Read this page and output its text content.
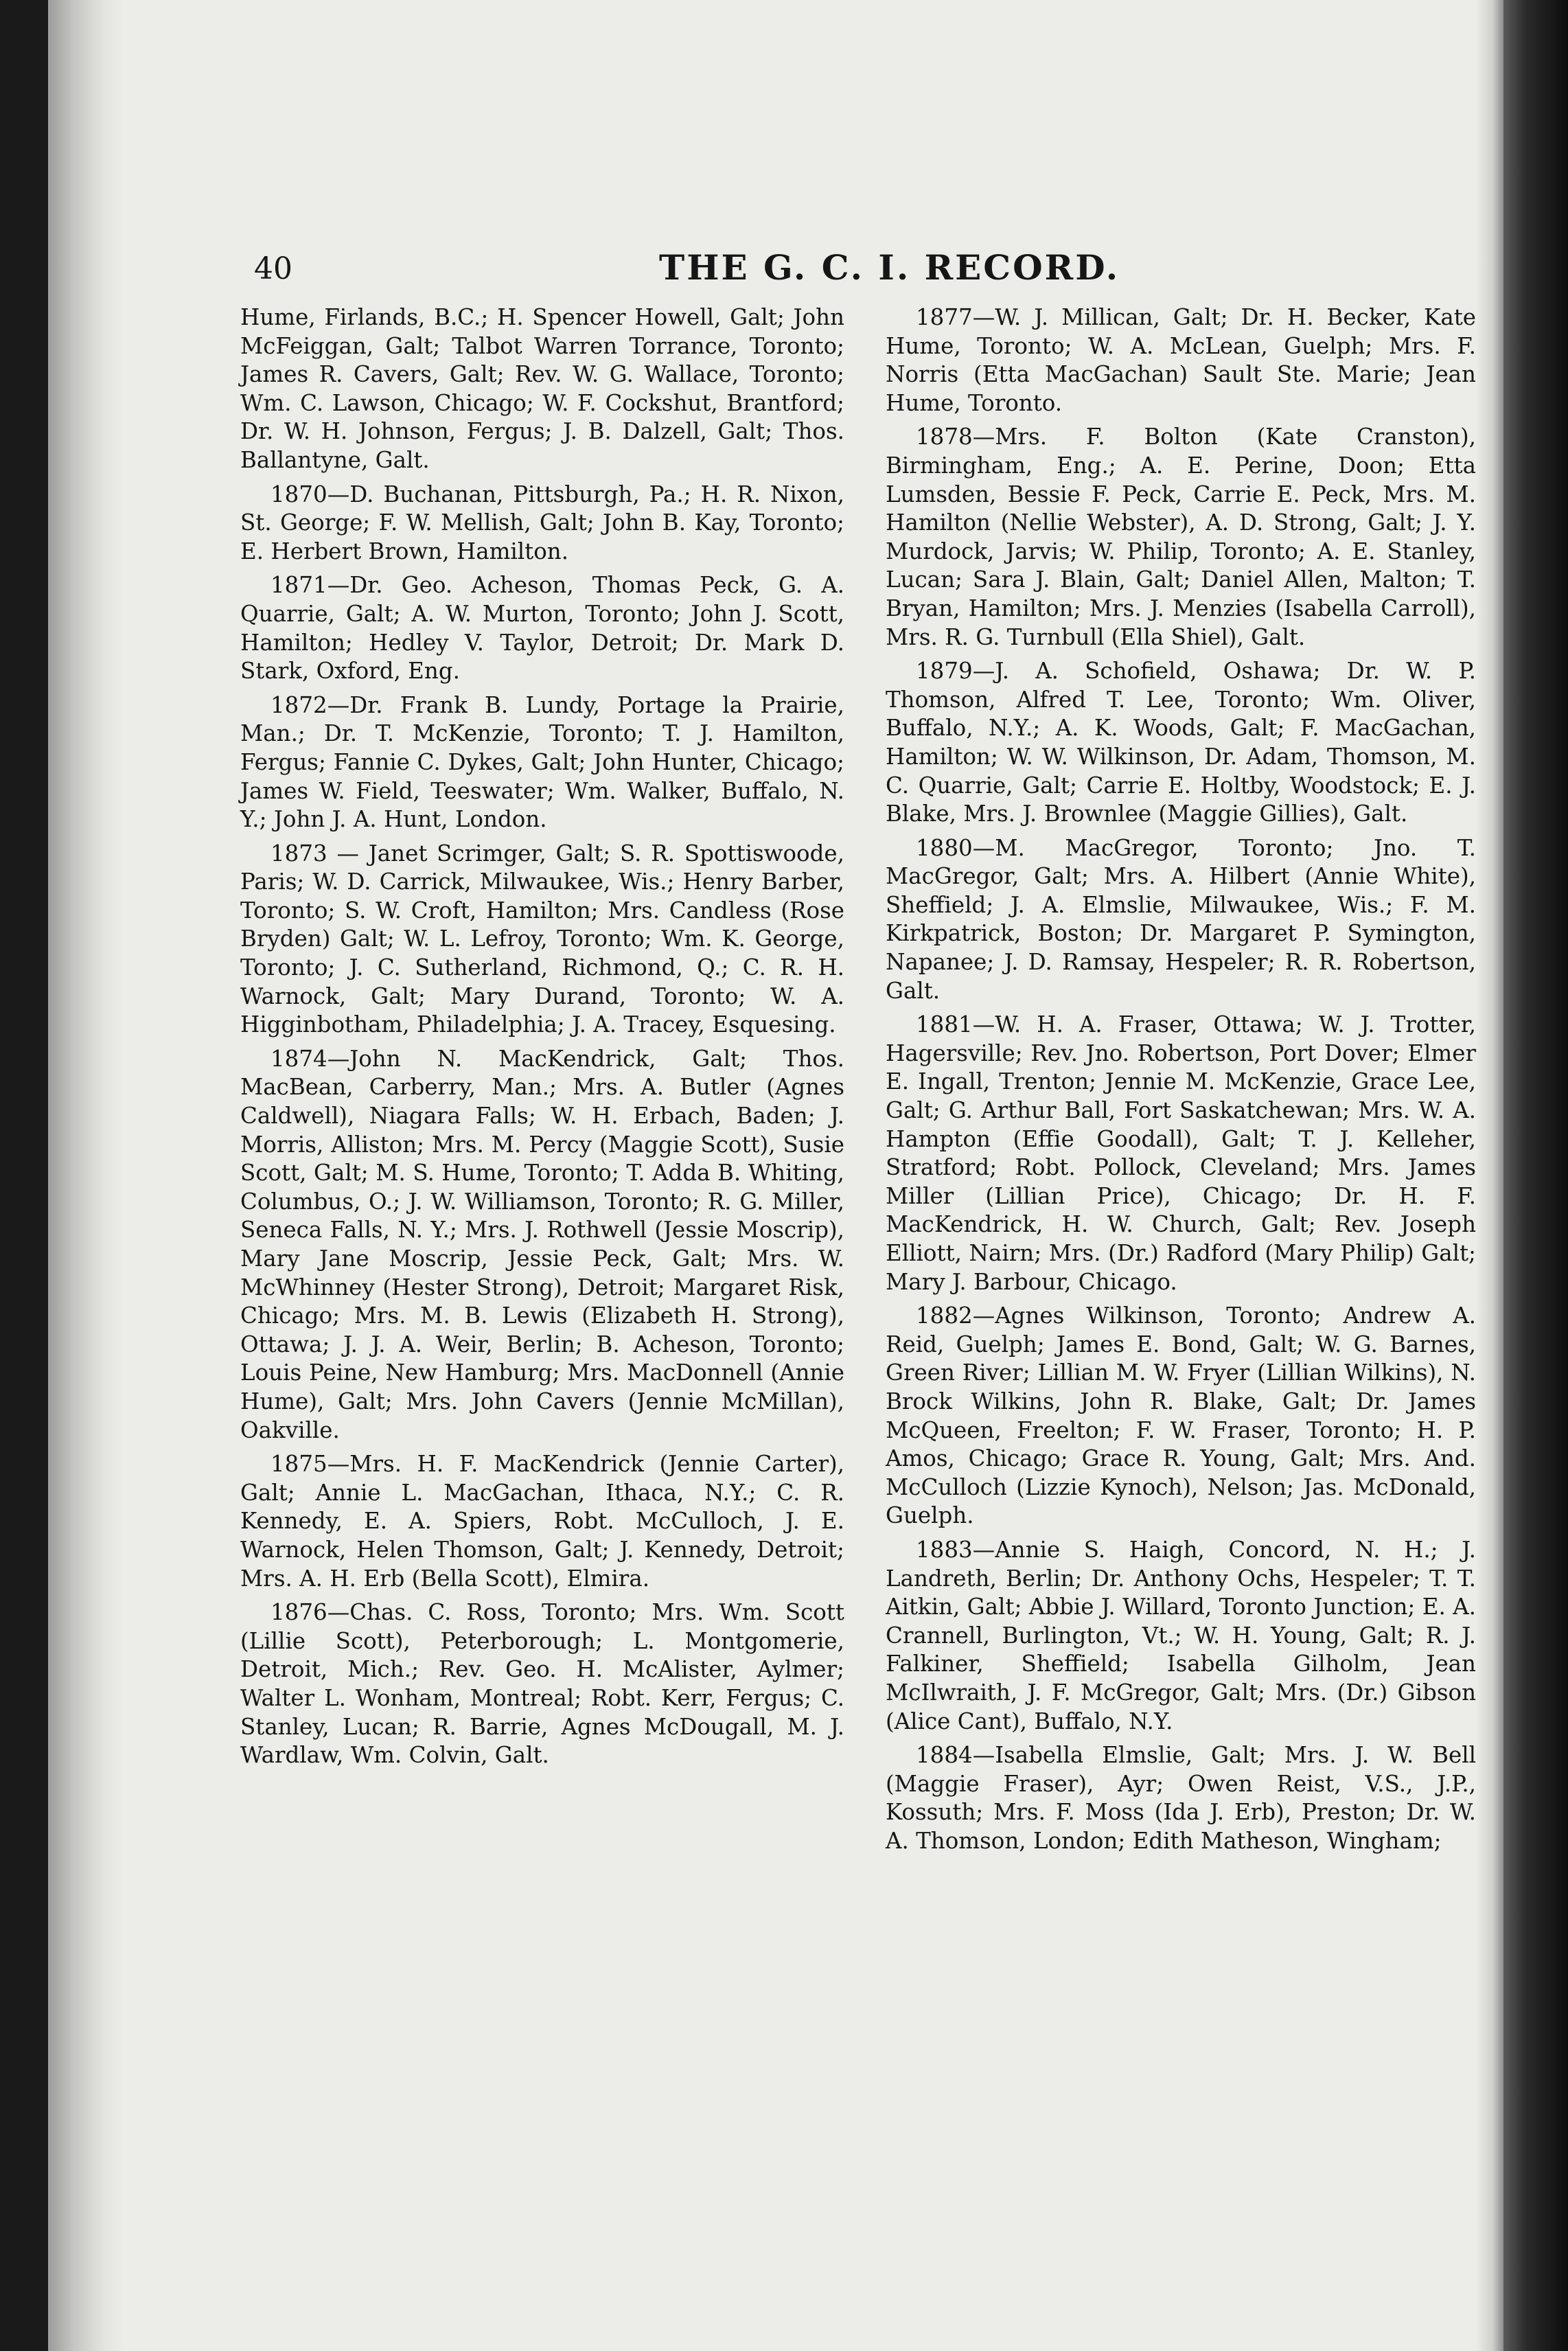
40	THE G. C. I. RECORD.

Hume, Firlands, B.C.; H. Spencer Howell, Galt; John McFeiggan, Galt; Talbot Warren Torrance, Toronto; James R. Cavers, Galt; Rev. W. G. Wallace, Toronto; Wm. C. Lawson, Chicago; W. F. Cockshut, Brantford; Dr. W. H. Johnson, Fergus; J. B. Dalzell, Galt; Thos. Ballantyne, Galt.

1870—D. Buchanan, Pittsburgh, Pa.; H. R. Nixon, St. George; F. W. Mellish, Galt; John B. Kay, Toronto; E. Herbert Brown, Hamilton.

1871—Dr. Geo. Acheson, Thomas Peck, G. A. Quarrie, Galt; A. W. Murton, Toronto; John J. Scott, Hamilton; Hedley V. Taylor, Detroit; Dr. Mark D. Stark, Oxford, Eng.

1872—Dr. Frank B. Lundy, Portage la Prairie, Man.; Dr. T. McKenzie, Toronto; T. J. Hamilton, Fergus; Fannie C. Dykes, Galt; John Hunter, Chicago; James W. Field, Teeswater; Wm. Walker, Buffalo, N. Y.; John J. A. Hunt, London.

1873 — Janet Scrimger, Galt; S. R. Spottiswoode, Paris; W. D. Carrick, Milwaukee, Wis.; Henry Barber, Toronto; S. W. Croft, Hamilton; Mrs. Candless (Rose Bryden) Galt; W. L. Lefroy, Toronto; Wm. K. George, Toronto; J. C. Sutherland, Richmond, Q.; C. R. H. Warnock, Galt; Mary Durand, Toronto; W. A. Higginbotham, Philadelphia; J. A. Tracey, Esquesing.

1874—John N. MacKendrick, Galt; Thos. MacBean, Carberry, Man.; Mrs. A. Butler (Agnes Caldwell), Niagara Falls; W. H. Erbach, Baden; J. Morris, Alliston; Mrs. M. Percy (Maggie Scott), Susie Scott, Galt; M. S. Hume, Toronto; T. Adda B. Whiting, Columbus, O.; J. W. Williamson, Toronto; R. G. Miller, Seneca Falls, N. Y.; Mrs. J. Rothwell (Jessie Moscrip), Mary Jane Moscrip, Jessie Peck, Galt; Mrs. W. McWhinney (Hester Strong), Detroit; Margaret Risk, Chicago; Mrs. M. B. Lewis (Elizabeth H. Strong), Ottawa; J. J. A. Weir, Berlin; B. Acheson, Toronto; Louis Peine, New Hamburg; Mrs. MacDonnell (Annie Hume), Galt; Mrs. John Cavers (Jennie McMillan), Oakville.

1875—Mrs. H. F. MacKendrick (Jennie Carter), Galt; Annie L. MacGachan, Ithaca, N.Y.; C. R. Kennedy, E. A. Spiers, Robt. McCulloch, J. E. Warnock, Helen Thomson, Galt; J. Kennedy, Detroit; Mrs. A. H. Erb (Bella Scott), Elmira.

1876—Chas. C. Ross, Toronto; Mrs. Wm. Scott (Lillie Scott), Peterborough; L. Montgomerie, Detroit, Mich.; Rev. Geo. H. McAlister, Aylmer; Walter L. Wonham, Montreal; Robt. Kerr, Fergus; C. Stanley, Lucan; R. Barrie, Agnes McDougall, M. J. Wardlaw, Wm. Colvin, Galt.

1877—W. J. Millican, Galt; Dr. H. Becker, Kate Hume, Toronto; W. A. McLean, Guelph; Mrs. F. Norris (Etta MacGachan) Sault Ste. Marie; Jean Hume, Toronto.

1878—Mrs. F. Bolton (Kate Cranston), Birmingham, Eng.; A. E. Perine, Doon; Etta Lumsden, Bessie F. Peck, Carrie E. Peck, Mrs. M. Hamilton (Nellie Webster), A. D. Strong, Galt; J. Y. Murdock, Jarvis; W. Philip, Toronto; A. E. Stanley, Lucan; Sara J. Blain, Galt; Daniel Allen, Malton; T. Bryan, Hamilton; Mrs. J. Menzies (Isabella Carroll), Mrs. R. G. Turnbull (Ella Shiel), Galt.

1879—J. A. Schofield, Oshawa; Dr. W. P. Thomson, Alfred T. Lee, Toronto; Wm. Oliver, Buffalo, N.Y.; A. K. Woods, Galt; F. MacGachan, Hamilton; W. W. Wilkinson, Dr. Adam, Thomson, M. C. Quarrie, Galt; Carrie E. Holtby, Woodstock; E. J. Blake, Mrs. J. Brownlee (Maggie Gillies), Galt.

1880—M. MacGregor, Toronto; Jno. T. MacGregor, Galt; Mrs. A. Hilbert (Annie White), Sheffield; J. A. Elmslie, Milwaukee, Wis.; F. M. Kirkpatrick, Boston; Dr. Margaret P. Symington, Napanee; J. D. Ramsay, Hespeler; R. R. Robertson, Galt.

1881—W. H. A. Fraser, Ottawa; W. J. Trotter, Hagersville; Rev. Jno. Robertson, Port Dover; Elmer E. Ingall, Trenton; Jennie M. McKenzie, Grace Lee, Galt; G. Arthur Ball, Fort Saskatchewan; Mrs. W. A. Hampton (Effie Goodall), Galt; T. J. Kelleher, Stratford; Robt. Pollock, Cleveland; Mrs. James Miller (Lillian Price), Chicago; Dr. H. F. MacKendrick, H. W. Church, Galt; Rev. Joseph Elliott, Nairn; Mrs. (Dr.) Radford (Mary Philip) Galt; Mary J. Barbour, Chicago.

1882—Agnes Wilkinson, Toronto; Andrew A. Reid, Guelph; James E. Bond, Galt; W. G. Barnes, Green River; Lillian M. W. Fryer (Lillian Wilkins), N. Brock Wilkins, John R. Blake, Galt; Dr. James McQueen, Freelton; F. W. Fraser, Toronto; H. P. Amos, Chicago; Grace R. Young, Galt; Mrs. And. McCulloch (Lizzie Kynoch), Nelson; Jas. McDonald, Guelph.

1883—Annie S. Haigh, Concord, N. H.; J. Landreth, Berlin; Dr. Anthony Ochs, Hespeler; T. T. Aitkin, Galt; Abbie J. Willard, Toronto Junction; E. A. Crannell, Burlington, Vt.; W. H. Young, Galt; R. J. Falkiner, Sheffield; Isabella Gilholm, Jean McIlwraith, J. F. McGregor, Galt; Mrs. (Dr.) Gibson (Alice Cant), Buffalo, N.Y.

1884—Isabella Elmslie, Galt; Mrs. J. W. Bell (Maggie Fraser), Ayr; Owen Reist, V.S., J.P., Kossuth; Mrs. F. Moss (Ida J. Erb), Preston; Dr. W. A. Thomson, London; Edith Matheson, Wingham;
